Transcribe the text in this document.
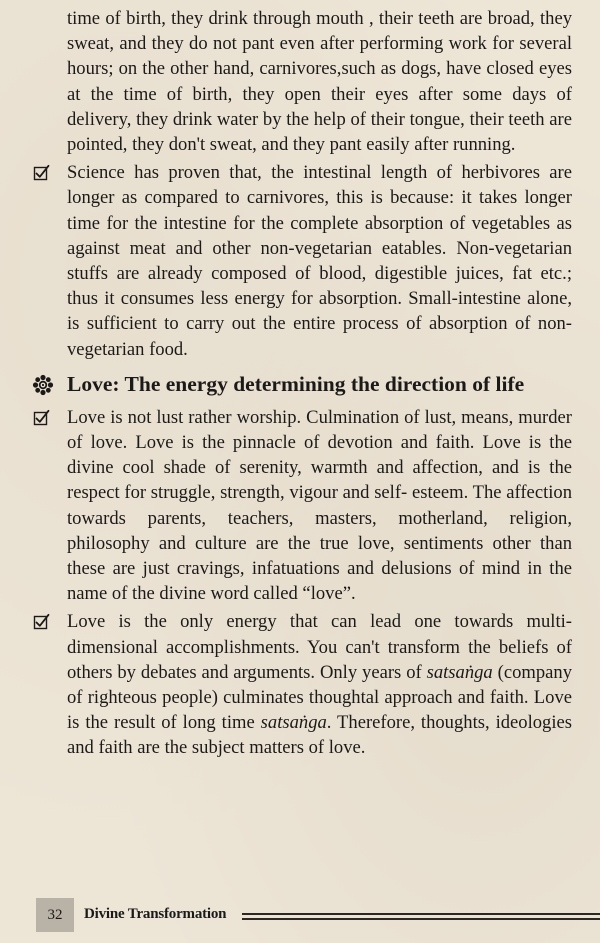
time of birth, they drink through mouth , their teeth are broad, they sweat, and they do not pant even after performing work for several hours; on the other hand, carnivores,such as dogs, have closed eyes at the time of birth, they open their eyes after some days of delivery, they drink water by the help of their tongue, their teeth are pointed, they don't sweat, and they pant easily after running.

Science has proven that, the intestinal length of herbivores are longer as compared to carnivores, this is because: it takes longer time for the intestine for the complete absorption of vegetables as against meat and other non-vegetarian eatables. Non-vegetarian stuffs are already composed of blood, digestible juices, fat etc.; thus it consumes less energy for absorption. Small-intestine alone, is sufficient to carry out the entire process of absorption of non-vegetarian food.

Love: The energy determining the direction of life

Love is not lust rather worship. Culmination of lust, means, murder of love. Love is the pinnacle of devotion and faith. Love is the divine cool shade of serenity, warmth and affection, and is the respect for struggle, strength, vigour and self- esteem. The affection towards parents, teachers, masters, motherland, religion, philosophy and culture are the true love, sentiments other than these are just cravings, infatuations and delusions of mind in the name of the divine word called “love”.

Love is the only energy that can lead one towards multi-dimensional accomplishments. You can't transform the beliefs of others by debates and arguments. Only years of satsaṅga (company of righteous people) culminates thoughtal approach and faith. Love is the result of long time satsaṅga. Therefore, thoughts, ideologies and faith are the subject matters of love.

32 Divine Transformation
